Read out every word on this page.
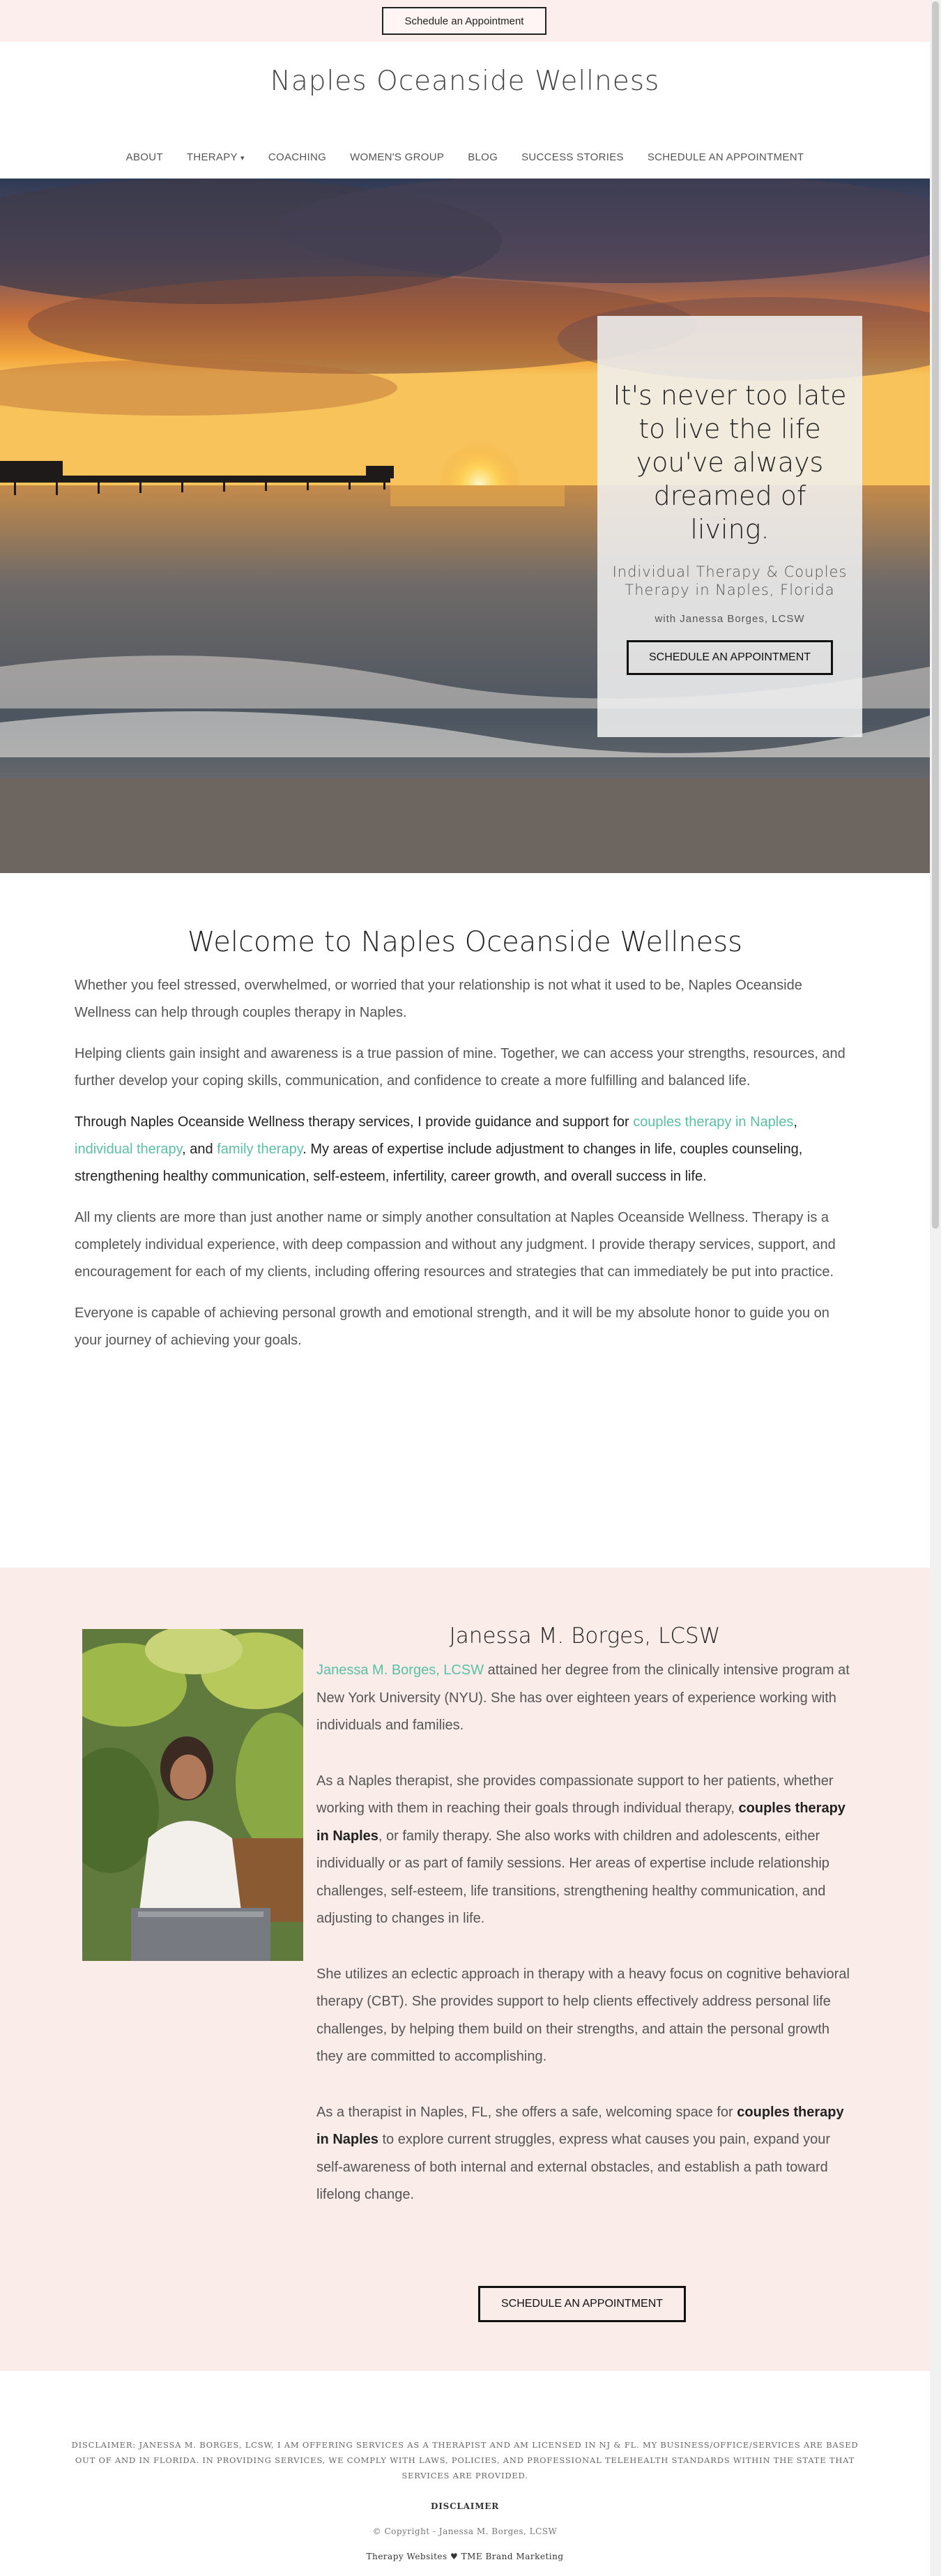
Schedule an Appointment
Naples Oceanside Wellness
ABOUT	THERAPY ▾	COACHING	WOMEN'S GROUP	BLOG	SUCCESS STORIES	SCHEDULE AN APPOINTMENT
It's never too late to live the life you've always dreamed of living.
Individual Therapy & Couples Therapy in Naples, Florida
with Janessa Borges, LCSW
SCHEDULE AN APPOINTMENT
Welcome to Naples Oceanside Wellness

Whether you feel stressed, overwhelmed, or worried that your relationship is not what it used to be, Naples Oceanside Wellness can help through couples therapy in Naples.

Helping clients gain insight and awareness is a true passion of mine. Together, we can access your strengths, resources, and further develop your coping skills, communication, and confidence to create a more fulfilling and balanced life.

Through Naples Oceanside Wellness therapy services, I provide guidance and support for couples therapy in Naples, individual therapy, and family therapy. My areas of expertise include adjustment to changes in life, couples counseling, strengthening healthy communication, self-esteem, infertility, career growth, and overall success in life.

All my clients are more than just another name or simply another consultation at Naples Oceanside Wellness. Therapy is a completely individual experience, with deep compassion and without any judgment. I provide therapy services, support, and encouragement for each of my clients, including offering resources and strategies that can immediately be put into practice.

Everyone is capable of achieving personal growth and emotional strength, and it will be my absolute honor to guide you on your journey of achieving your goals.

Janessa M. Borges, LCSW

Janessa M. Borges, LCSW attained her degree from the clinically intensive program at New York University (NYU). She has over eighteen years of experience working with individuals and families.

As a Naples therapist, she provides compassionate support to her patients, whether working with them in reaching their goals through individual therapy, couples therapy in Naples, or family therapy. She also works with children and adolescents, either individually or as part of family sessions. Her areas of expertise include relationship challenges, self-esteem, life transitions, strengthening healthy communication, and adjusting to changes in life.

She utilizes an eclectic approach in therapy with a heavy focus on cognitive behavioral therapy (CBT). She provides support to help clients effectively address personal life challenges, by helping them build on their strengths, and attain the personal growth they are committed to accomplishing.

As a therapist in Naples, FL, she offers a safe, welcoming space for couples therapy in Naples to explore current struggles, express what causes you pain, expand your self-awareness of both internal and external obstacles, and establish a path toward lifelong change.

SCHEDULE AN APPOINTMENT
DISCLAIMER: JANESSA M. BORGES, LCSW, I AM OFFERING SERVICES AS A THERAPIST AND AM LICENSED IN NJ & FL. MY BUSINESS/OFFICE/SERVICES ARE BASED OUT OF AND IN FLORIDA. IN PROVIDING SERVICES, WE COMPLY WITH LAWS, POLICIES, AND PROFESSIONAL TELEHEALTH STANDARDS WITHIN THE STATE THAT SERVICES ARE PROVIDED.
DISCLAIMER
© Copyright - Janessa M. Borges, LCSW
Therapy Websites ♥ TME Brand Marketing
